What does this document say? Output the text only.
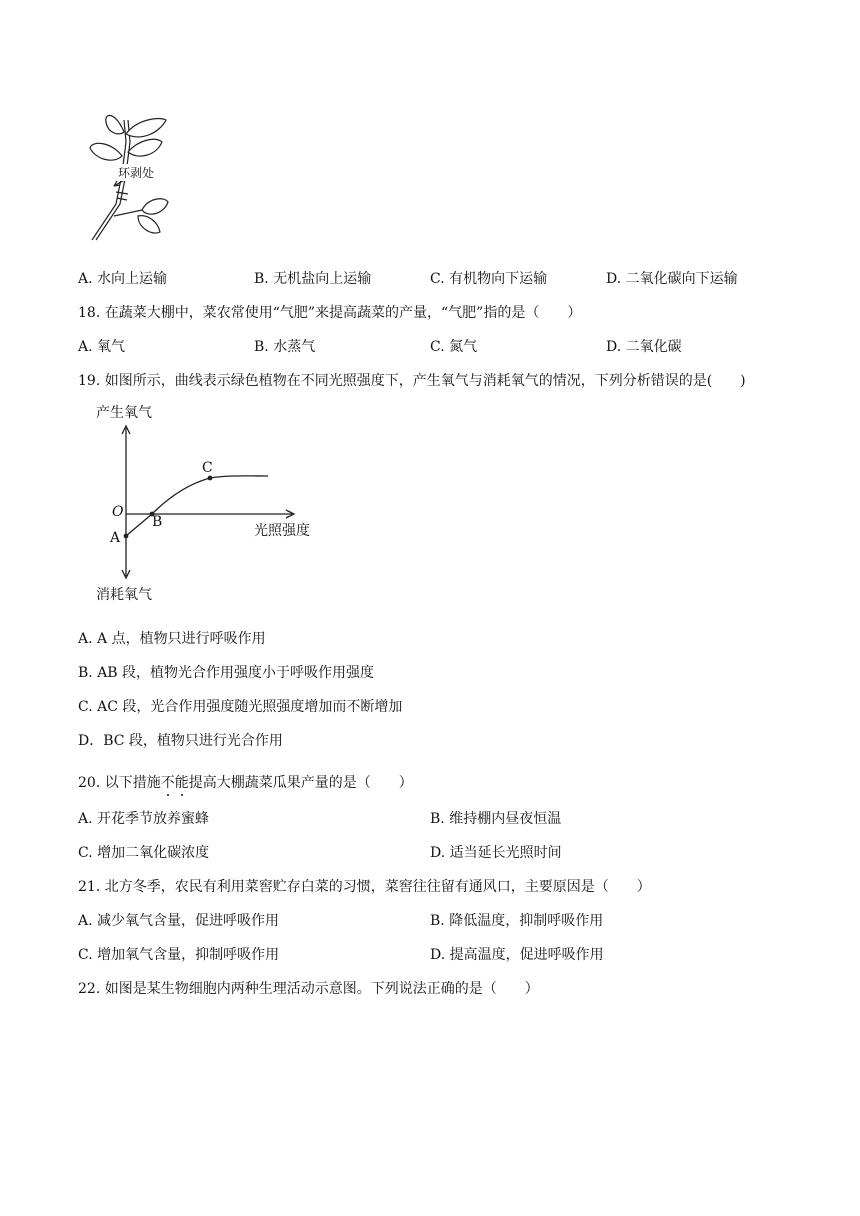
环剥处
A. 水向上运输	B. 无机盐向上运输	C. 有机物向下运输	D. 二氧化碳向下运输
18. 在蔬菜大棚中，菜农常使用“气肥”来提高蔬菜的产量，“气肥”指的是（　　）
A. 氧气	B. 水蒸气	C. 氮气	D. 二氧化碳
19. 如图所示，曲线表示绿色植物在不同光照强度下，产生氧气与消耗氧气的情况，下列分析错误的是(　　)
产生氧气
消耗氧气
光照强度
O
A
B
C
A. A 点，植物只进行呼吸作用
B. AB 段，植物光合作用强度小于呼吸作用强度
C. AC 段，光合作用强度随光照强度增加而不断增加
D．BC 段，植物只进行光合作用
20. 以下措施不能提高大棚蔬菜瓜果产量的是（　　）
A. 开花季节放养蜜蜂	B. 维持棚内昼夜恒温
C. 增加二氧化碳浓度	D. 适当延长光照时间
21. 北方冬季，农民有利用菜窖贮存白菜的习惯，菜窖往往留有通风口，主要原因是（　　）
A. 减少氧气含量，促进呼吸作用	B. 降低温度，抑制呼吸作用
C. 增加氧气含量，抑制呼吸作用	D. 提高温度，促进呼吸作用
22. 如图是某生物细胞内两种生理活动示意图。下列说法正确的是（　　）
